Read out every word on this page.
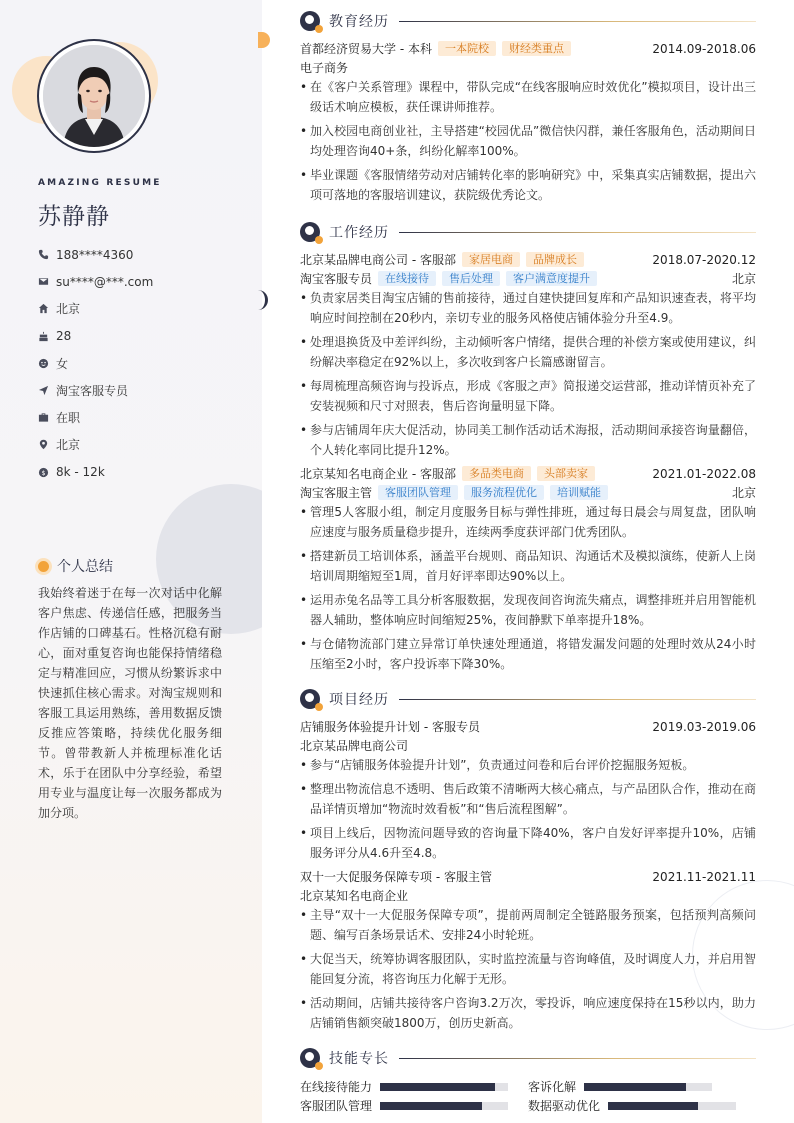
AMAZING RESUME
苏静静
188****4360
su****@***.com
北京
28
女
淘宝客服专员
在职
北京
$ 8k - 12k
个人总结
我始终着迷于在每一次对话中化解客户焦虑、传递信任感，把服务当作店铺的口碑基石。性格沉稳有耐心，面对重复咨询也能保持情绪稳定与精准回应，习惯从纷繁诉求中快速抓住核心需求。对淘宝规则和客服工具运用熟练，善用数据反馈反推应答策略，持续优化服务细节。曾带教新人并梳理标准化话术，乐于在团队中分享经验，希望用专业与温度让每一次服务都成为加分项。
教育经历
首都经济贸易大学 - 本科	一本院校	财经类重点	2014.09-2018.06
电子商务
• 在《客户关系管理》课程中，带队完成“在线客服响应时效优化”模拟项目，设计出三级话术响应模板，获任课讲师推荐。
• 加入校园电商创业社，主导搭建“校园优品”微信快闪群，兼任客服角色，活动期间日均处理咨询40+条，纠纷化解率100%。
• 毕业课题《客服情绪劳动对店铺转化率的影响研究》中，采集真实店铺数据，提出六项可落地的客服培训建议，获院级优秀论文。
工作经历
北京某品牌电商公司 - 客服部	家居电商	品牌成长	2018.07-2020.12
淘宝客服专员	在线接待	售后处理	客户满意度提升	北京
• 负责家居类目淘宝店铺的售前接待，通过自建快捷回复库和产品知识速查表，将平均响应时间控制在20秒内，亲切专业的服务风格使店铺体验分升至4.9。
• 处理退换货及中差评纠纷，主动倾听客户情绪，提供合理的补偿方案或使用建议，纠纷解决率稳定在92%以上，多次收到客户长篇感谢留言。
• 每周梳理高频咨询与投诉点，形成《客服之声》简报递交运营部，推动详情页补充了安装视频和尺寸对照表，售后咨询量明显下降。
• 参与店铺周年庆大促活动，协同美工制作活动话术海报，活动期间承接咨询量翻倍，个人转化率同比提升12%。
北京某知名电商企业 - 客服部	多品类电商	头部卖家	2021.01-2022.08
淘宝客服主管	客服团队管理	服务流程优化	培训赋能	北京
• 管理5人客服小组，制定月度服务目标与弹性排班，通过每日晨会与周复盘，团队响应速度与服务质量稳步提升，连续两季度获评部门优秀团队。
• 搭建新员工培训体系，涵盖平台规则、商品知识、沟通话术及模拟演练，使新人上岗培训周期缩短至1周，首月好评率即达90%以上。
• 运用赤兔名品等工具分析客服数据，发现夜间咨询流失痛点，调整排班并启用智能机器人辅助，整体响应时间缩短25%，夜间静默下单率提升18%。
• 与仓储物流部门建立异常订单快速处理通道，将错发漏发问题的处理时效从24小时压缩至2小时，客户投诉率下降30%。
项目经历
店铺服务体验提升计划 - 客服专员	2019.03-2019.06
北京某品牌电商公司
• 参与“店铺服务体验提升计划”，负责通过问卷和后台评价挖掘服务短板。
• 整理出物流信息不透明、售后政策不清晰两大核心痛点，与产品团队合作，推动在商品详情页增加“物流时效看板”和“售后流程图解”。
• 项目上线后，因物流问题导致的咨询量下降40%，客户自发好评率提升10%，店铺服务评分从4.6升至4.8。
双十一大促服务保障专项 - 客服主管	2021.11-2021.11
北京某知名电商企业
• 主导“双十一大促服务保障专项”，提前两周制定全链路服务预案，包括预判高频问题、编写百条场景话术、安排24小时轮班。
• 大促当天，统筹协调客服团队，实时监控流量与咨询峰值，及时调度人力，并启用智能回复分流，将咨询压力化解于无形。
• 活动期间，店铺共接待客户咨询3.2万次，零投诉，响应速度保持在15秒以内，助力店铺销售额突破1800万，创历史新高。
技能专长
在线接待能力	客诉化解
客服团队管理	数据驱动优化
